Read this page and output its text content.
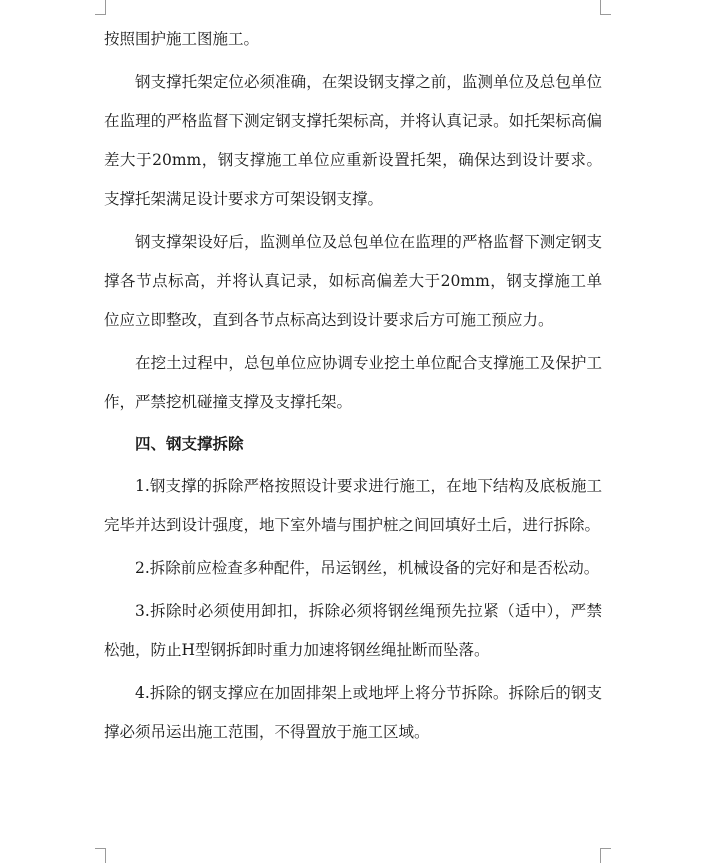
按照围护施工图施工。

钢支撑托架定位必须准确，在架设钢支撑之前，监测单位及总包单位在监理的严格监督下测定钢支撑托架标高，并将认真记录。如托架标高偏差大于20mm，钢支撑施工单位应重新设置托架，确保达到设计要求。支撑托架满足设计要求方可架设钢支撑。

钢支撑架设好后，监测单位及总包单位在监理的严格监督下测定钢支撑各节点标高，并将认真记录，如标高偏差大于20mm，钢支撑施工单位应立即整改，直到各节点标高达到设计要求后方可施工预应力。

在挖土过程中，总包单位应协调专业挖土单位配合支撑施工及保护工作，严禁挖机碰撞支撑及支撑托架。

四、钢支撑拆除

1.钢支撑的拆除严格按照设计要求进行施工，在地下结构及底板施工完毕并达到设计强度，地下室外墙与围护桩之间回填好土后，进行拆除。

2.拆除前应检查多种配件，吊运钢丝，机械设备的完好和是否松动。

3.拆除时必须使用卸扣，拆除必须将钢丝绳预先拉紧（适中），严禁松弛，防止H型钢拆卸时重力加速将钢丝绳扯断而坠落。

4.拆除的钢支撑应在加固排架上或地坪上将分节拆除。拆除后的钢支撑必须吊运出施工范围，不得置放于施工区域。
